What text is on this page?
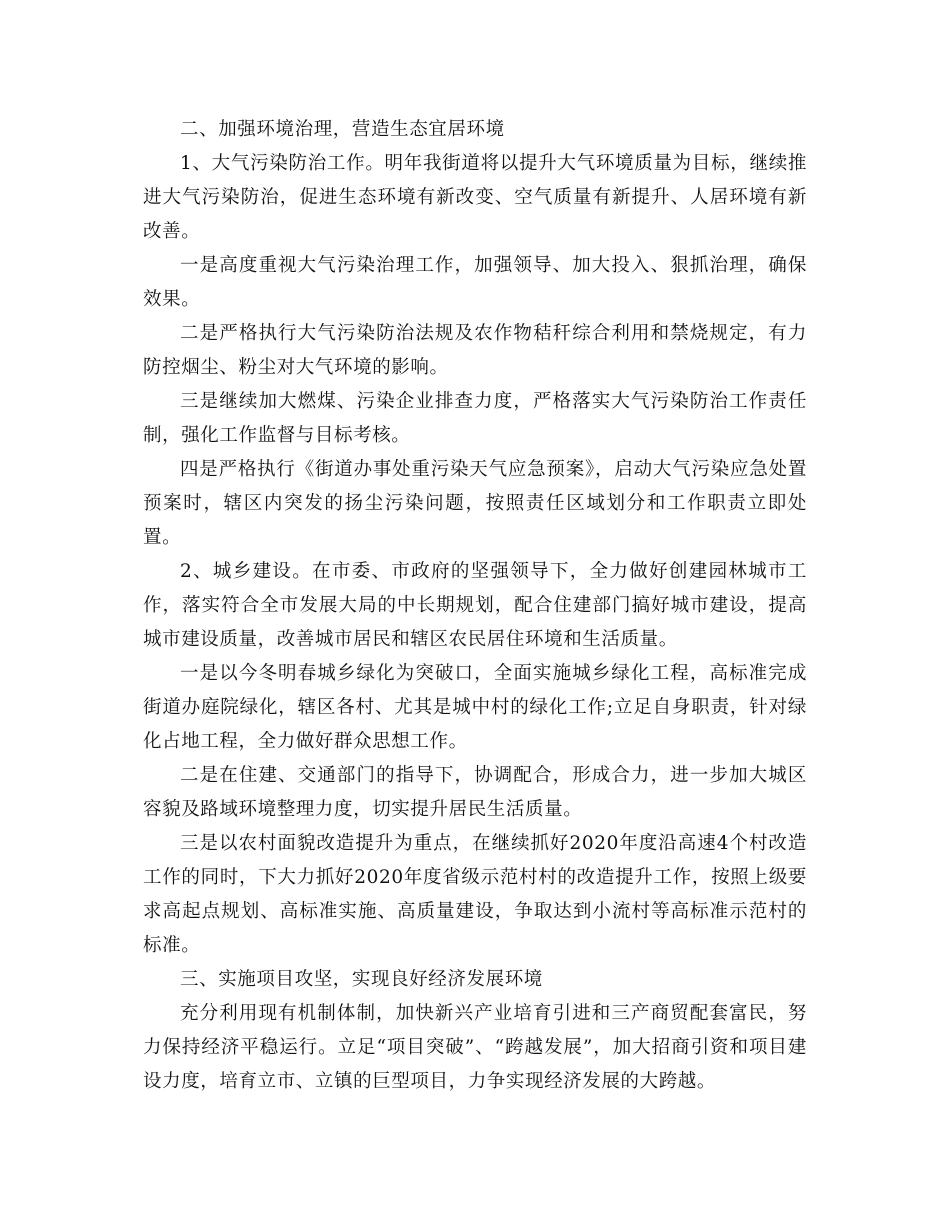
二、加强环境治理，营造生态宜居环境

1、大气污染防治工作。明年我街道将以提升大气环境质量为目标，继续推进大气污染防治，促进生态环境有新改变、空气质量有新提升、人居环境有新改善。

一是高度重视大气污染治理工作，加强领导、加大投入、狠抓治理，确保效果。

二是严格执行大气污染防治法规及农作物秸秆综合利用和禁烧规定，有力防控烟尘、粉尘对大气环境的影响。

三是继续加大燃煤、污染企业排查力度，严格落实大气污染防治工作责任制，强化工作监督与目标考核。

四是严格执行《街道办事处重污染天气应急预案》，启动大气污染应急处置预案时，辖区内突发的扬尘污染问题，按照责任区域划分和工作职责立即处置。

2、城乡建设。在市委、市政府的坚强领导下，全力做好创建园林城市工作，落实符合全市发展大局的中长期规划，配合住建部门搞好城市建设，提高城市建设质量，改善城市居民和辖区农民居住环境和生活质量。

一是以今冬明春城乡绿化为突破口，全面实施城乡绿化工程，高标准完成街道办庭院绿化，辖区各村、尤其是城中村的绿化工作;立足自身职责，针对绿化占地工程，全力做好群众思想工作。

二是在住建、交通部门的指导下，协调配合，形成合力，进一步加大城区容貌及路域环境整理力度，切实提升居民生活质量。

三是以农村面貌改造提升为重点，在继续抓好2020年度沿高速4个村改造工作的同时，下大力抓好2020年度省级示范村村的改造提升工作，按照上级要求高起点规划、高标准实施、高质量建设，争取达到小流村等高标准示范村的标准。

三、实施项目攻坚，实现良好经济发展环境

充分利用现有机制体制，加快新兴产业培育引进和三产商贸配套富民，努力保持经济平稳运行。立足“项目突破”、“跨越发展”，加大招商引资和项目建设力度，培育立市、立镇的巨型项目，力争实现经济发展的大跨越。
